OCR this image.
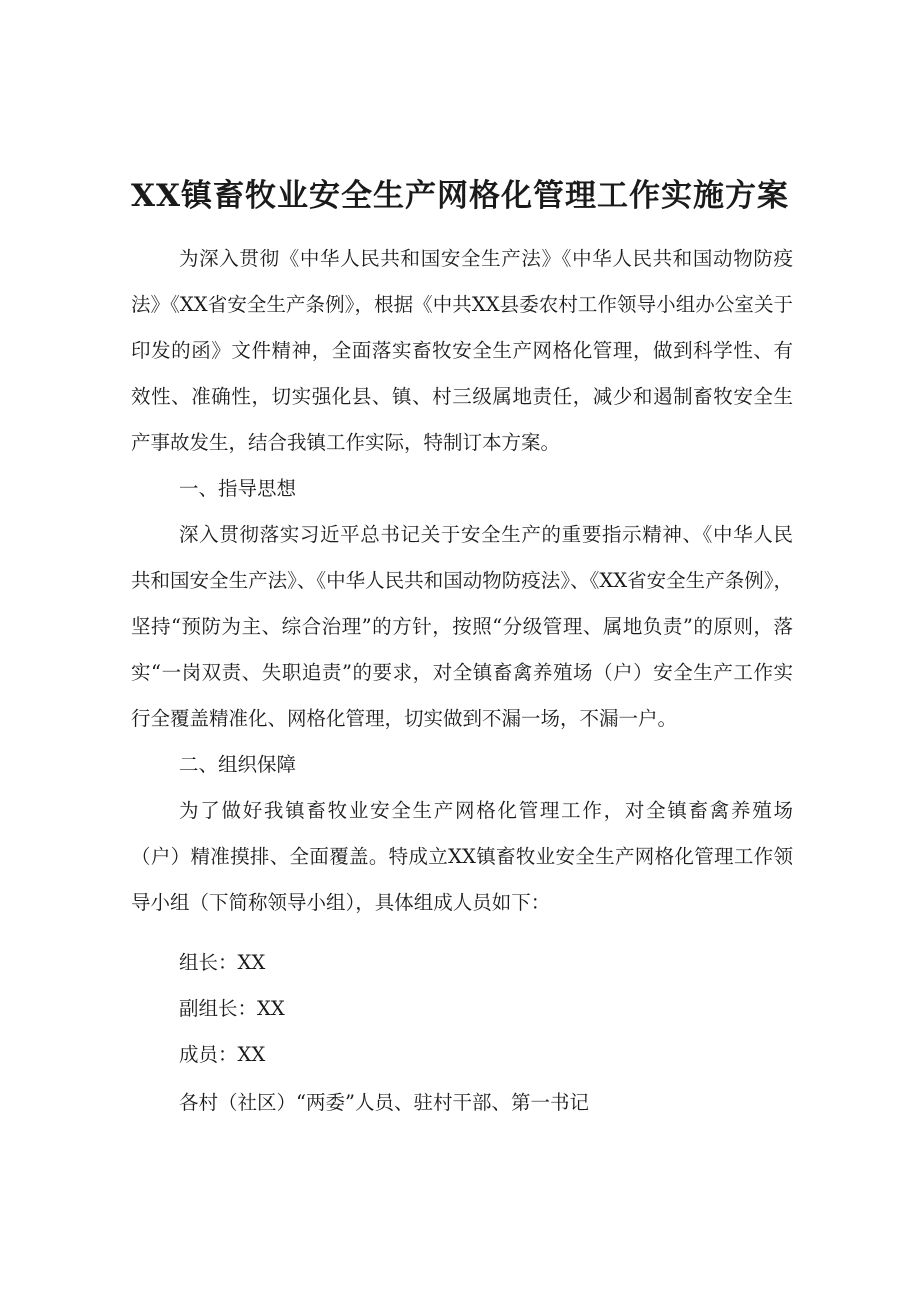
XX镇畜牧业安全生产网格化管理工作实施方案
为深入贯彻《中华人民共和国安全生产法》《中华人民共和国动物防疫法》《XX省安全生产条例》，根据《中共XX县委农村工作领导小组办公室关于印发的函》文件精神，全面落实畜牧安全生产网格化管理，做到科学性、有效性、准确性，切实强化县、镇、村三级属地责任，减少和遏制畜牧安全生产事故发生，结合我镇工作实际，特制订本方案。
一、指导思想
深入贯彻落实习近平总书记关于安全生产的重要指示精神、《中华人民共和国安全生产法》、《中华人民共和国动物防疫法》、《XX省安全生产条例》，坚持“预防为主、综合治理”的方针，按照“分级管理、属地负责”的原则，落实“一岗双责、失职追责”的要求，对全镇畜禽养殖场（户）安全生产工作实行全覆盖精准化、网格化管理，切实做到不漏一场，不漏一户。
二、组织保障
为了做好我镇畜牧业安全生产网格化管理工作，对全镇畜禽养殖场（户）精准摸排、全面覆盖。特成立XX镇畜牧业安全生产网格化管理工作领导小组（下简称领导小组），具体组成人员如下：
组长：XX
副组长：XX
成员：XX
各村（社区）“两委”人员、驻村干部、第一书记
